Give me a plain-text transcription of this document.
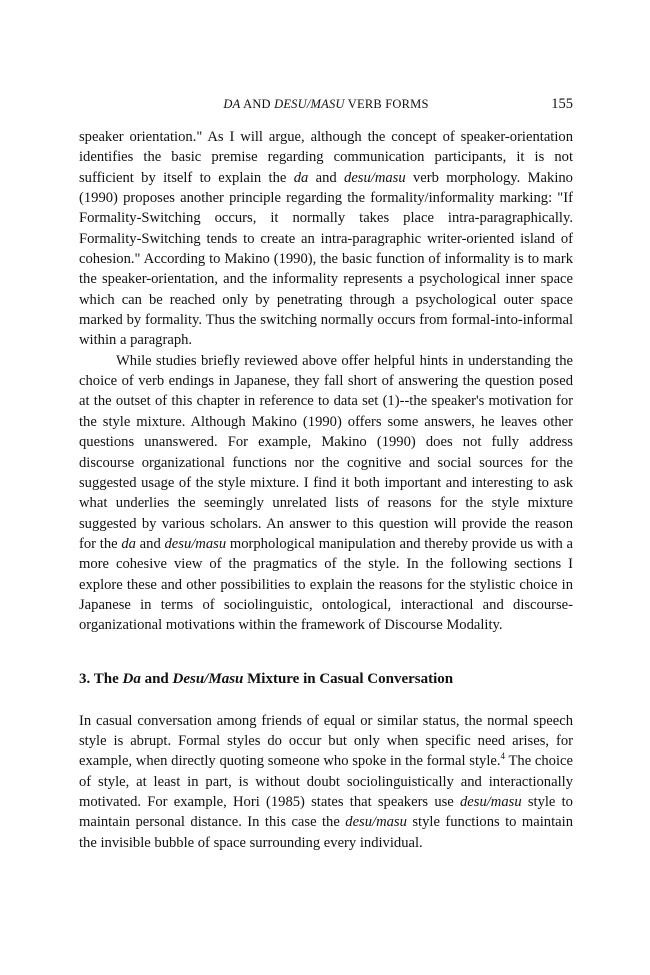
DA AND DESU/MASU VERB FORMS	155

speaker orientation." As I will argue, although the concept of speaker-orientation identifies the basic premise regarding communication participants, it is not sufficient by itself to explain the da and desu/masu verb morphology. Makino (1990) proposes another principle regarding the formality/informality marking: "If Formality-Switching occurs, it normally takes place intra-paragraphically. Formality-Switching tends to create an intra-paragraphic writer-oriented island of cohesion." According to Makino (1990), the basic function of informality is to mark the speaker-orientation, and the informality represents a psychological inner space which can be reached only by penetrating through a psychological outer space marked by formality. Thus the switching normally occurs from formal-into-informal within a paragraph.

While studies briefly reviewed above offer helpful hints in understanding the choice of verb endings in Japanese, they fall short of answering the question posed at the outset of this chapter in reference to data set (1)--the speaker's motivation for the style mixture. Although Makino (1990) offers some answers, he leaves other questions unanswered. For example, Makino (1990) does not fully address discourse organizational functions nor the cognitive and social sources for the suggested usage of the style mixture. I find it both important and interesting to ask what underlies the seemingly unrelated lists of reasons for the style mixture suggested by various scholars. An answer to this question will provide the reason for the da and desu/masu morphological manipulation and thereby provide us with a more cohesive view of the pragmatics of the style. In the following sections I explore these and other possibilities to explain the reasons for the stylistic choice in Japanese in terms of sociolinguistic, ontological, interactional and discourse-organizational motivations within the framework of Discourse Modality.

3. The Da and Desu/Masu Mixture in Casual Conversation

In casual conversation among friends of equal or similar status, the normal speech style is abrupt. Formal styles do occur but only when specific need arises, for example, when directly quoting someone who spoke in the formal style.$^4$ The choice of style, at least in part, is without doubt sociolinguistically and interactionally motivated. For example, Hori (1985) states that speakers use desu/masu style to maintain personal distance. In this case the desu/masu style functions to maintain the invisible bubble of space surrounding every individual.
